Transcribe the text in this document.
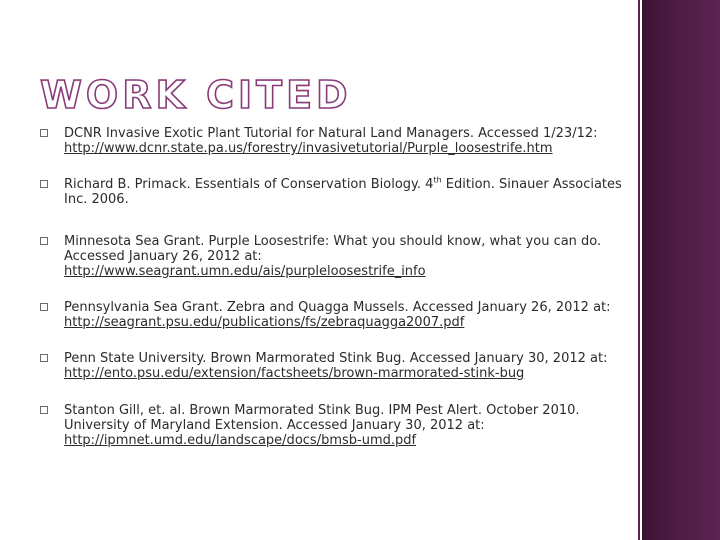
WORK CITED
DCNR Invasive Exotic Plant Tutorial for Natural Land Managers. Accessed 1/23/12:
http://www.dcnr.state.pa.us/forestry/invasivetutorial/Purple_loosestrife.htm
Richard B. Primack. Essentials of Conservation Biology. 4th Edition. Sinauer Associates Inc. 2006.
Minnesota Sea Grant. Purple Loosestrife: What you should know, what you can do. Accessed January 26, 2012 at:
http://www.seagrant.umn.edu/ais/purpleloosestrife_info
Pennsylvania Sea Grant. Zebra and Quagga Mussels. Accessed January 26, 2012 at:
http://seagrant.psu.edu/publications/fs/zebraquagga2007.pdf
Penn State University. Brown Marmorated Stink Bug. Accessed January 30, 2012 at:
http://ento.psu.edu/extension/factsheets/brown-marmorated-stink-bug
Stanton Gill, et. al. Brown Marmorated Stink Bug. IPM Pest Alert. October 2010. University of Maryland Extension. Accessed January 30, 2012 at:
http://ipmnet.umd.edu/landscape/docs/bmsb-umd.pdf
